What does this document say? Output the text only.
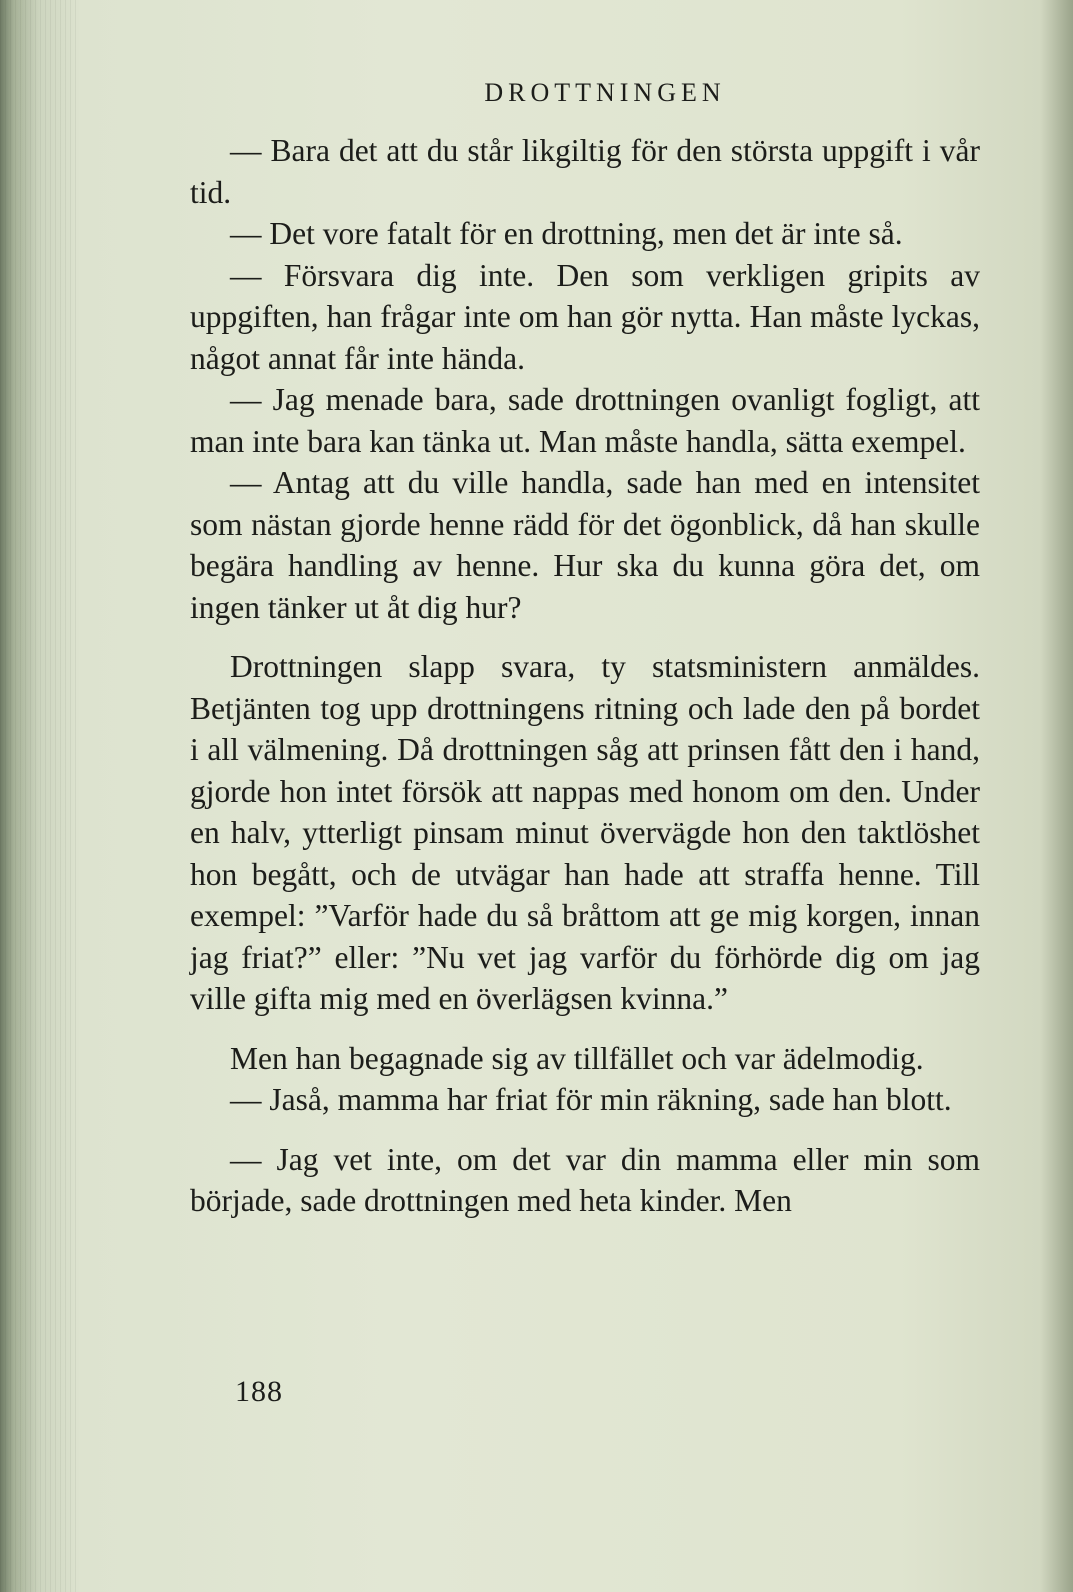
DROTTNINGEN

— Bara det att du står likgiltig för den största uppgift i vår tid.

— Det vore fatalt för en drottning, men det är inte så.

— Försvara dig inte. Den som verkligen gripits av uppgiften, han frågar inte om han gör nytta. Han måste lyckas, något annat får inte hända.

— Jag menade bara, sade drottningen ovanligt fogligt, att man inte bara kan tänka ut. Man måste handla, sätta exempel.

— Antag att du ville handla, sade han med en intensitet som nästan gjorde henne rädd för det ögonblick, då han skulle begära handling av henne. Hur ska du kunna göra det, om ingen tänker ut åt dig hur?

Drottningen slapp svara, ty statsministern anmäldes. Betjänten tog upp drottningens ritning och lade den på bordet i all välmening. Då drottningen såg att prinsen fått den i hand, gjorde hon intet försök att nappas med honom om den. Under en halv, ytterligt pinsam minut övervägde hon den taktlöshet hon begått, och de utvägar han hade att straffa henne. Till exempel: ”Varför hade du så bråttom att ge mig korgen, innan jag friat?” eller: ”Nu vet jag varför du förhörde dig om jag ville gifta mig med en överlägsen kvinna.”

Men han begagnade sig av tillfället och var ädelmodig.

— Jaså, mamma har friat för min räkning, sade han blott.

— Jag vet inte, om det var din mamma eller min som började, sade drottningen med heta kinder. Men

188
